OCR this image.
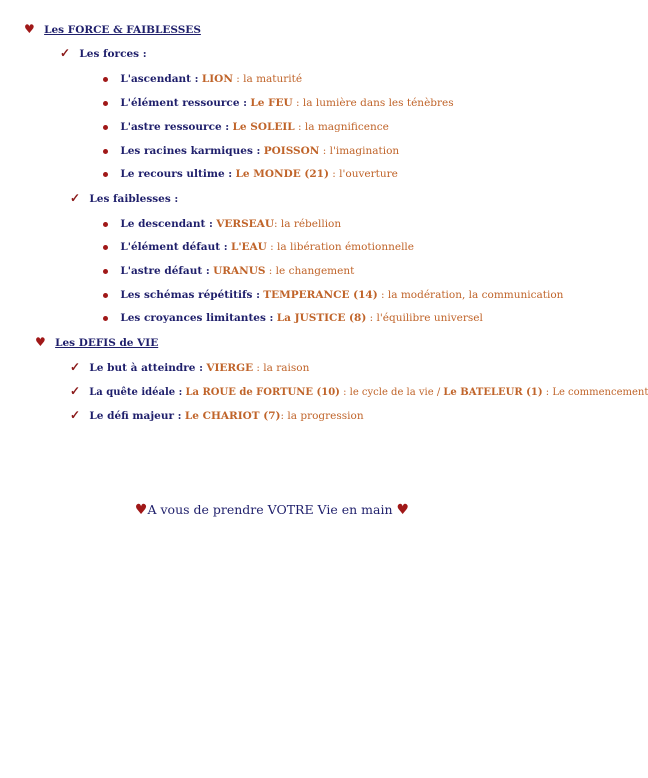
♥ Les FORCE & FAIBLESSES
✓ Les forces :
L'ascendant : LION : la maturité
L'élément ressource : Le FEU : la lumière dans les ténèbres
L'astre ressource : Le SOLEIL : la magnificence
Les racines karmiques : POISSON : l'imagination
Le recours ultime : Le MONDE (21) : l'ouverture
✓ Les faiblesses :
Le descendant : VERSEAU: la rébellion
L'élément défaut : L'EAU : la libération émotionnelle
L'astre défaut : URANUS : le changement
Les schémas répétitifs : TEMPERANCE (14) : la modération, la communication
Les croyances limitantes : La JUSTICE (8) : l'équilibre universel
♥ Les DEFIS de VIE
✓ Le but à atteindre : VIERGE : la raison
✓ La quête idéale : La ROUE de FORTUNE (10) : le cycle de la vie / Le BATELEUR (1) : Le commencement
✓ Le défi majeur : Le CHARIOT (7): la progression
♥A vous de prendre VOTRE Vie en main ♥
